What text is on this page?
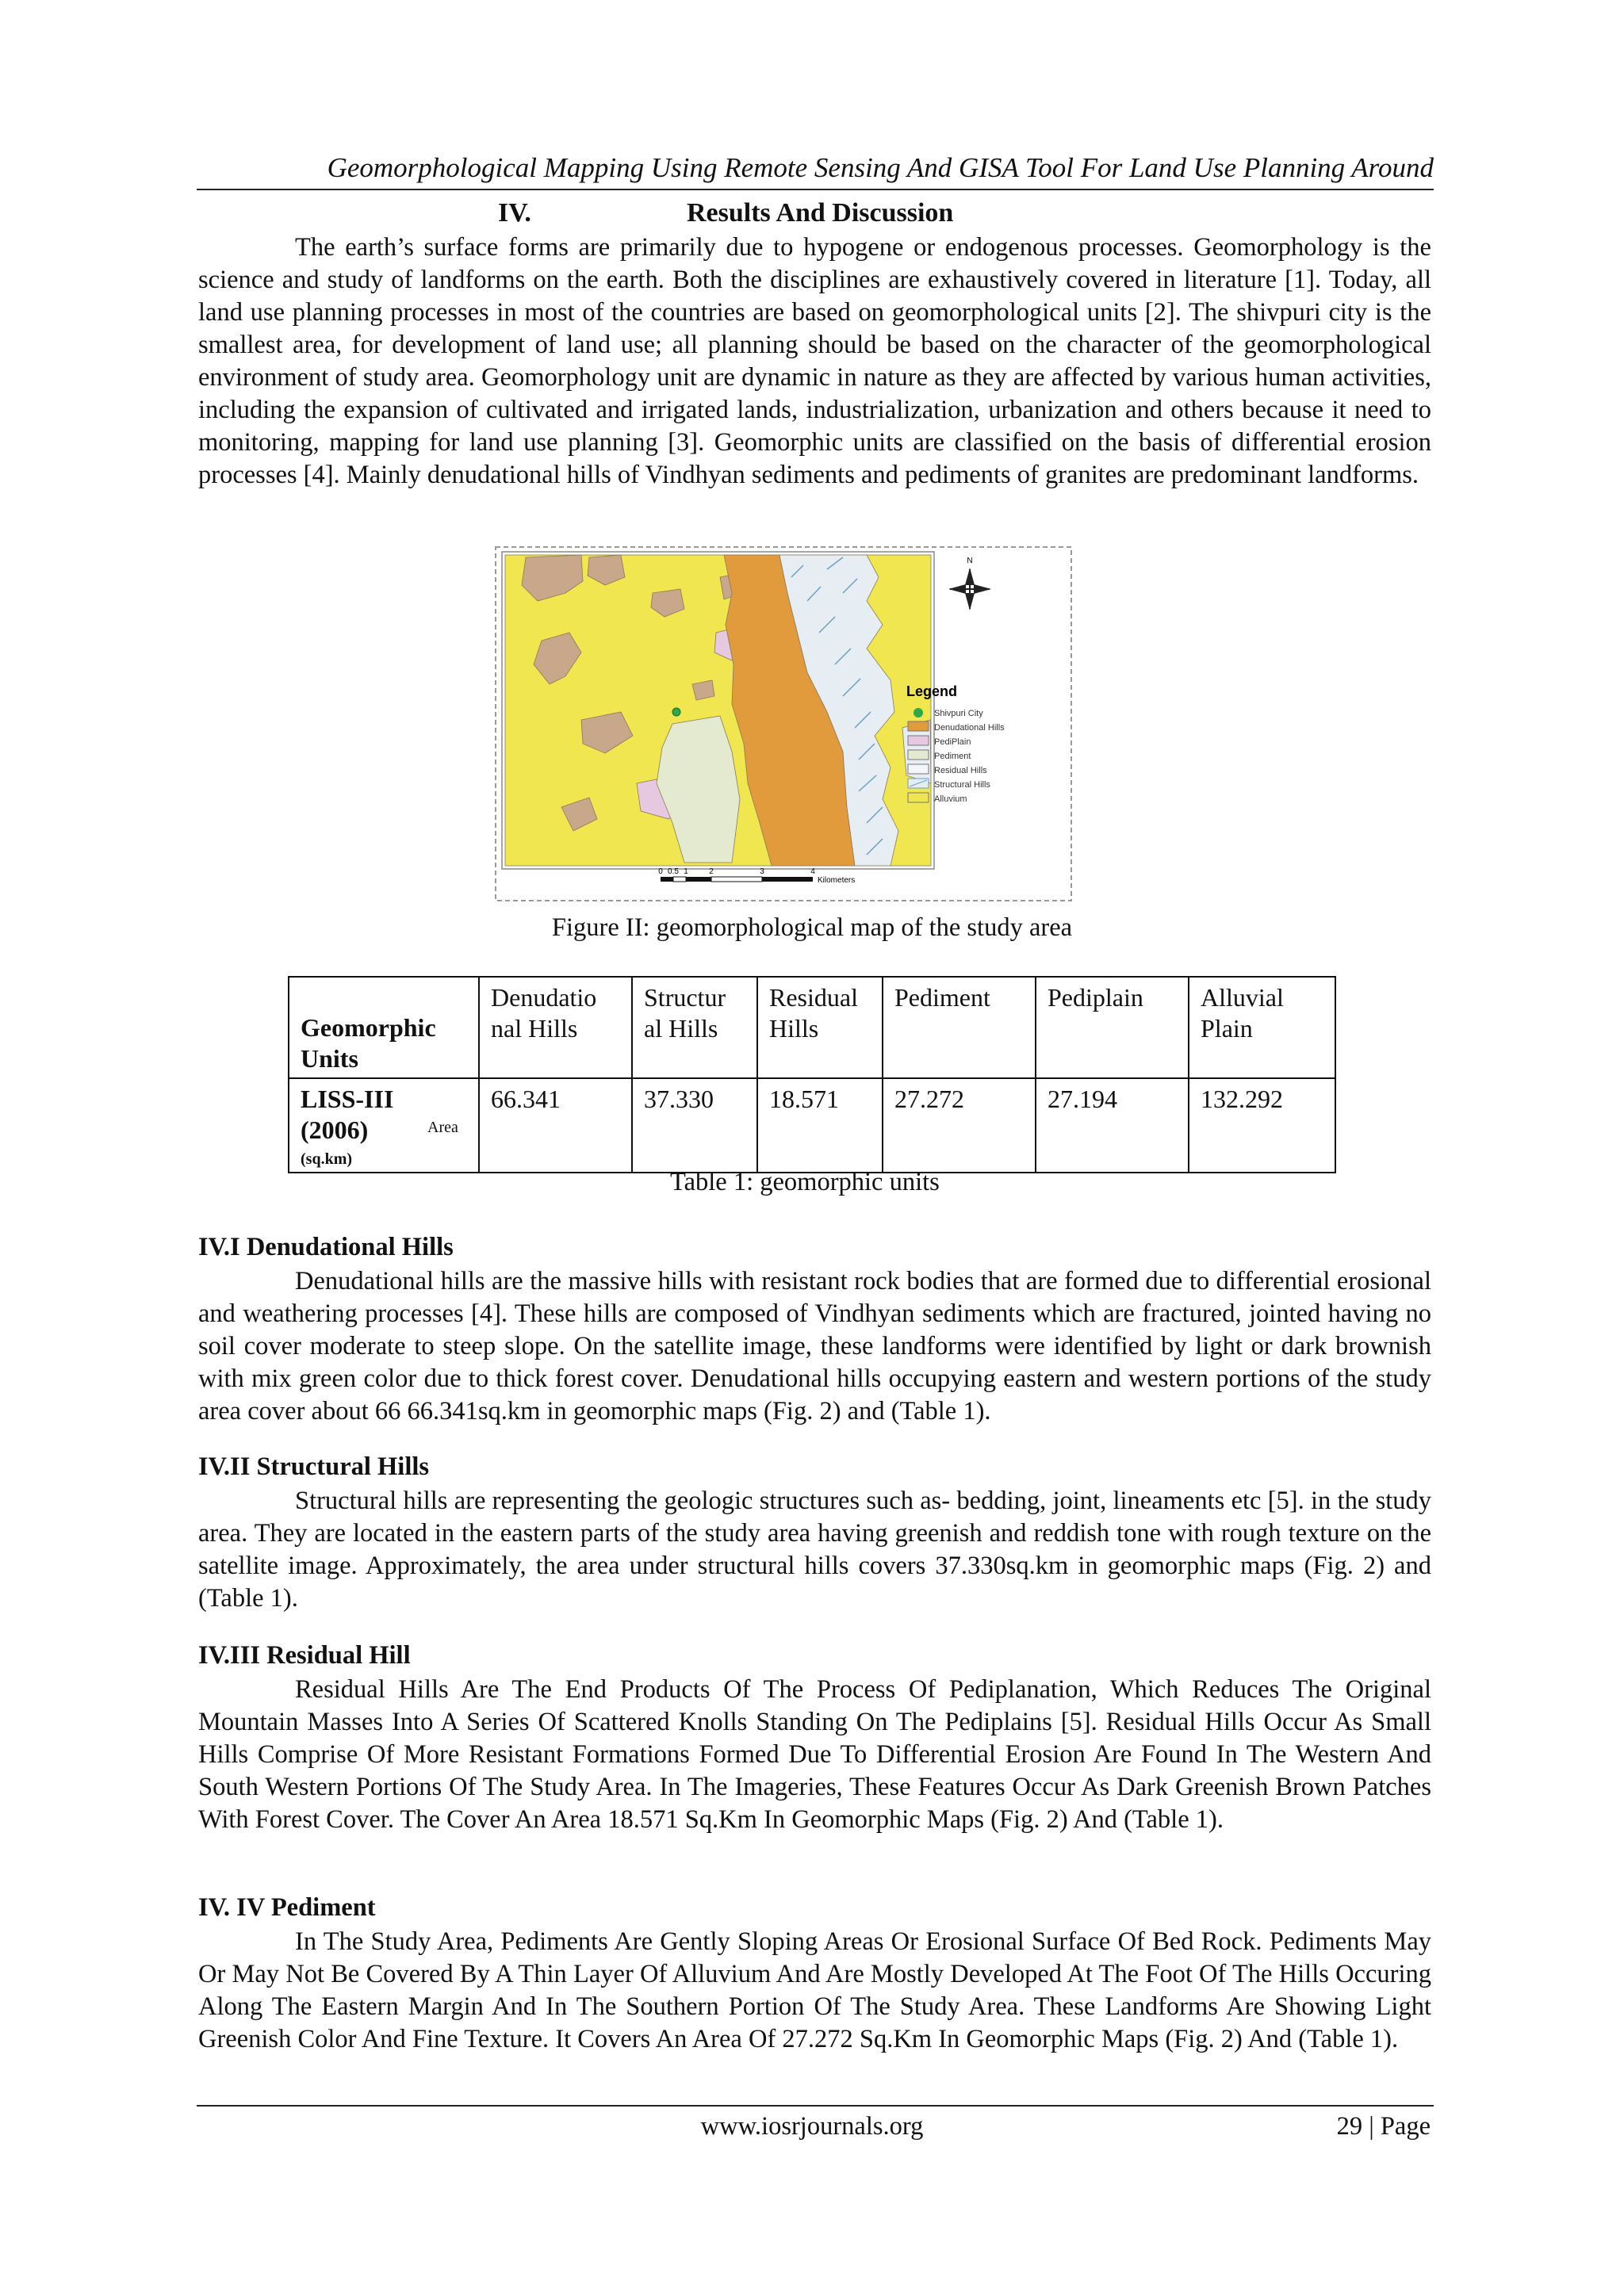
Geomorphological Mapping Using Remote Sensing And GISA Tool For Land Use Planning Around
IV.	Results And Discussion

The earth’s surface forms are primarily due to hypogene or endogenous processes. Geomorphology is the science and study of landforms on the earth. Both the disciplines are exhaustively covered in literature [1]. Today, all land use planning processes in most of the countries are based on geomorphological units [2]. The shivpuri city is the smallest area, for development of land use; all planning should be based on the character of the geomorphological environment of study area. Geomorphology unit are dynamic in nature as they are affected by various human activities, including the expansion of cultivated and irrigated lands, industrialization, urbanization and others because it need to monitoring, mapping for land use planning [3]. Geomorphic units are classified on the basis of differential erosion processes [4]. Mainly denudational hills of Vindhyan sediments and pediments of granites are predominant landforms.

N
Legend
Shivpuri City
Denudational Hills
PediPlain
Pediment
Residual Hills
Structural Hills
Alluvium
0 0.5 1	2	3	4
Kilometers
Figure II: geomorphological map of the study area
Geomorphic Units	Denudatio nal Hills	Structur al Hills	Residual Hills	Pediment	Pediplain	Alluvial Plain
LISS-III (2006) $^{Area}$
(sq.km)	66.341	37.330	18.571	27.272	27.194	132.292
Table 1: geomorphic units
IV.I Denudational Hills

Denudational hills are the massive hills with resistant rock bodies that are formed due to differential erosional and weathering processes [4]. These hills are composed of Vindhyan sediments which are fractured, jointed having no soil cover moderate to steep slope. On the satellite image, these landforms were identified by light or dark brownish with mix green color due to thick forest cover. Denudational hills occupying eastern and western portions of the study area cover about 66 66.341sq.km in geomorphic maps (Fig. 2) and (Table 1).

IV.II Structural Hills

Structural hills are representing the geologic structures such as- bedding, joint, lineaments etc [5]. in the study area. They are located in the eastern parts of the study area having greenish and reddish tone with rough texture on the satellite image. Approximately, the area under structural hills covers 37.330sq.km in geomorphic maps (Fig. 2) and (Table 1).

IV.III Residual Hill

Residual Hills Are The End Products Of The Process Of Pediplanation, Which Reduces The Original Mountain Masses Into A Series Of Scattered Knolls Standing On The Pediplains [5]. Residual Hills Occur As Small Hills Comprise Of More Resistant Formations Formed Due To Differential Erosion Are Found In The Western And South Western Portions Of The Study Area. In The Imageries, These Features Occur As Dark Greenish Brown Patches With Forest Cover. The Cover An Area 18.571 Sq.Km In Geomorphic Maps (Fig. 2) And (Table 1).

IV. IV Pediment

In The Study Area, Pediments Are Gently Sloping Areas Or Erosional Surface Of Bed Rock. Pediments May Or May Not Be Covered By A Thin Layer Of Alluvium And Are Mostly Developed At The Foot Of The Hills Occuring Along The Eastern Margin And In The Southern Portion Of The Study Area. These Landforms Are Showing Light Greenish Color And Fine Texture. It Covers An Area Of 27.272 Sq.Km In Geomorphic Maps (Fig. 2) And (Table 1).

www.iosrjournals.org	29 | Page
